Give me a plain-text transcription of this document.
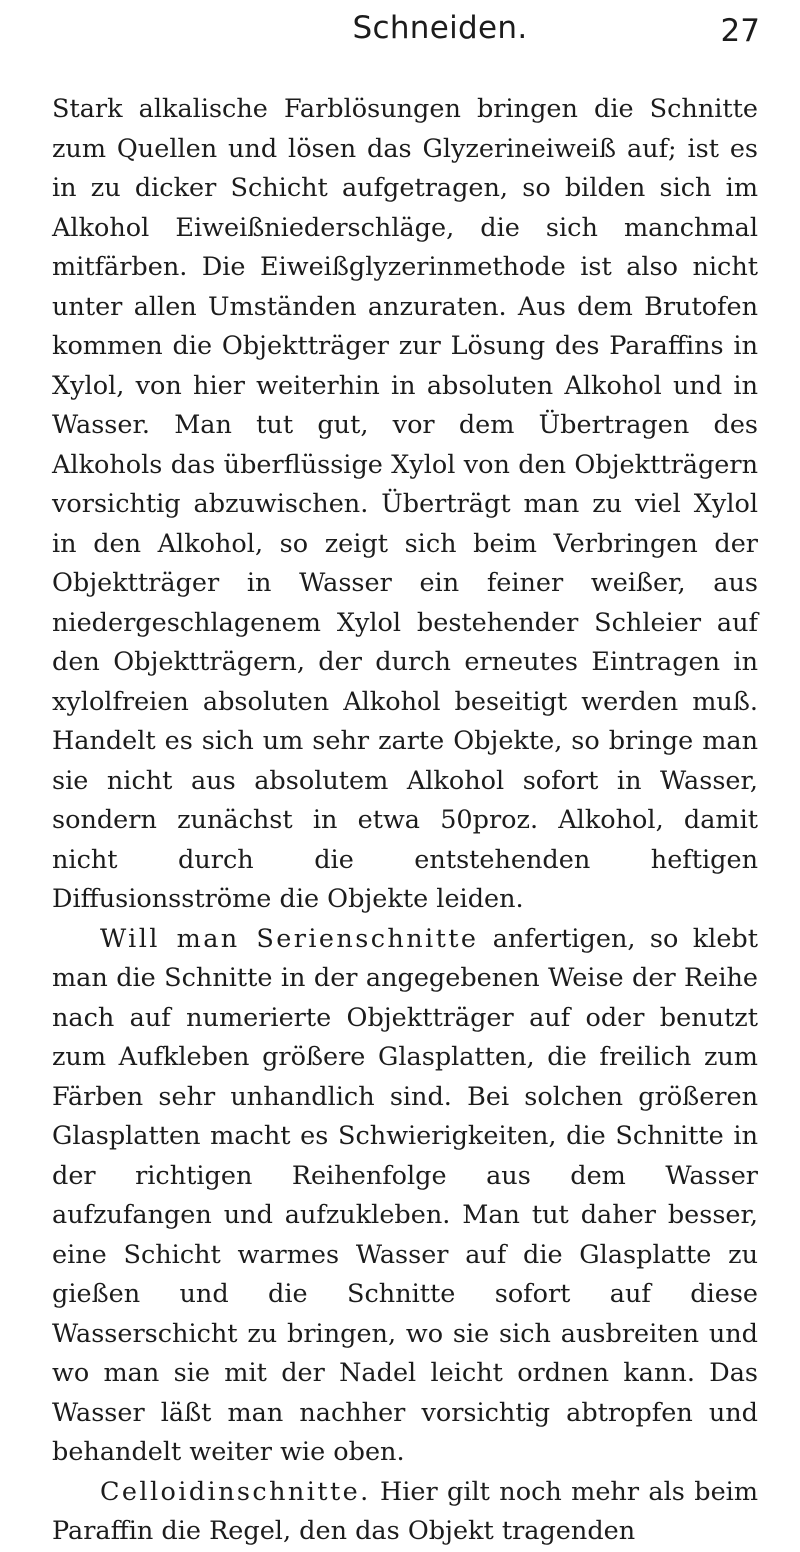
Schneiden.	27

Stark alkalische Farblösungen bringen die Schnitte zum Quellen und lösen das Glyzerineiweiß auf; ist es in zu dicker Schicht aufgetragen, so bilden sich im Alkohol Eiweißniederschläge, die sich manchmal mitfärben. Die Eiweißglyzerinmethode ist also nicht unter allen Umständen anzuraten. Aus dem Brutofen kommen die Objektträger zur Lösung des Paraffins in Xylol, von hier weiterhin in absoluten Alkohol und in Wasser. Man tut gut, vor dem Übertragen des Alkohols das überflüssige Xylol von den Objektträgern vorsichtig abzuwischen. Überträgt man zu viel Xylol in den Alkohol, so zeigt sich beim Verbringen der Objektträger in Wasser ein feiner weißer, aus niedergeschlagenem Xylol bestehender Schleier auf den Objektträgern, der durch erneutes Eintragen in xylolfreien absoluten Alkohol beseitigt werden muß. Handelt es sich um sehr zarte Objekte, so bringe man sie nicht aus absolutem Alkohol sofort in Wasser, sondern zunächst in etwa 50proz. Alkohol, damit nicht durch die entstehenden heftigen Diffusionsströme die Objekte leiden.

Will man Serienschnitte anfertigen, so klebt man die Schnitte in der angegebenen Weise der Reihe nach auf numerierte Objektträger auf oder benutzt zum Aufkleben größere Glasplatten, die freilich zum Färben sehr unhandlich sind. Bei solchen größeren Glasplatten macht es Schwierigkeiten, die Schnitte in der richtigen Reihenfolge aus dem Wasser aufzufangen und aufzukleben. Man tut daher besser, eine Schicht warmes Wasser auf die Glasplatte zu gießen und die Schnitte sofort auf diese Wasserschicht zu bringen, wo sie sich ausbreiten und wo man sie mit der Nadel leicht ordnen kann. Das Wasser läßt man nachher vorsichtig abtropfen und behandelt weiter wie oben.

Celloidinschnitte. Hier gilt noch mehr als beim Paraffin die Regel, den das Objekt tragenden
